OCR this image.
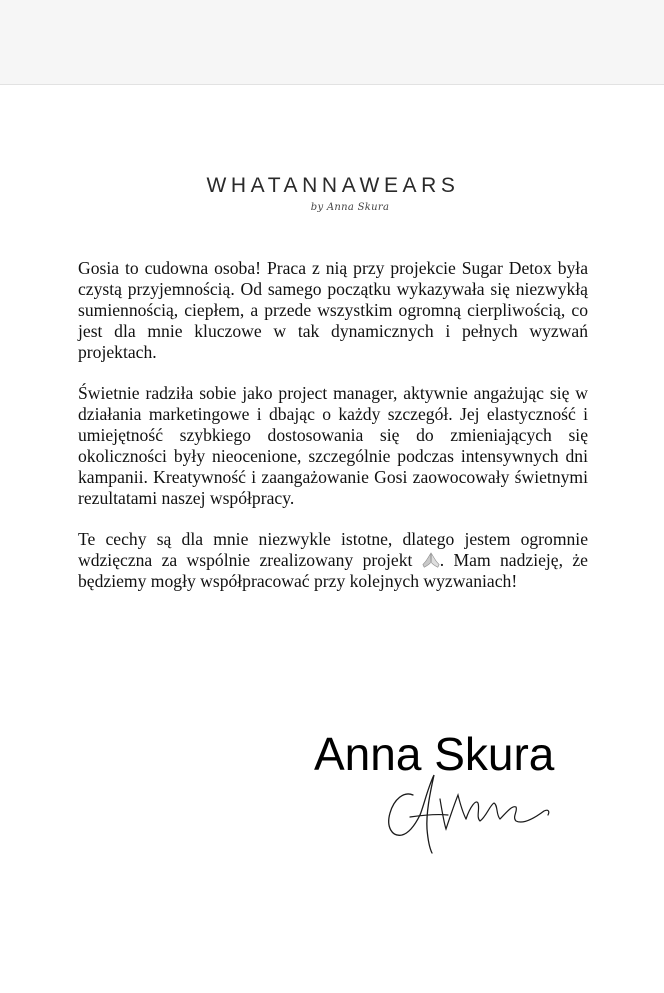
WHATANNAWEARS
by Anna Skura

Gosia to cudowna osoba! Praca z nią przy projekcie Sugar Detox była czystą przyjemnością. Od samego początku wykazywała się niezwykłą sumiennością, ciepłem, a przede wszystkim ogromną cierpliwością, co jest dla mnie kluczowe w tak dynamicznych i pełnych wyzwań projektach.

Świetnie radziła sobie jako project manager, aktywnie angażując się w działania marketingowe i dbając o każdy szczegół. Jej elastyczność i umiejętność szybkiego dostosowania się do zmieniających się okoliczności były nieocenione, szczególnie podczas intensywnych dni kampanii. Kreatywność i zaangażowanie Gosi zaowocowały świetnymi rezultatami naszej współpracy.

Te cechy są dla mnie niezwykle istotne, dlatego jestem ogromnie wdzięczna za wspólnie zrealizowany projekt . Mam nadzieję, że będziemy mogły współpracować przy kolejnych wyzwaniach!

Anna Skura
